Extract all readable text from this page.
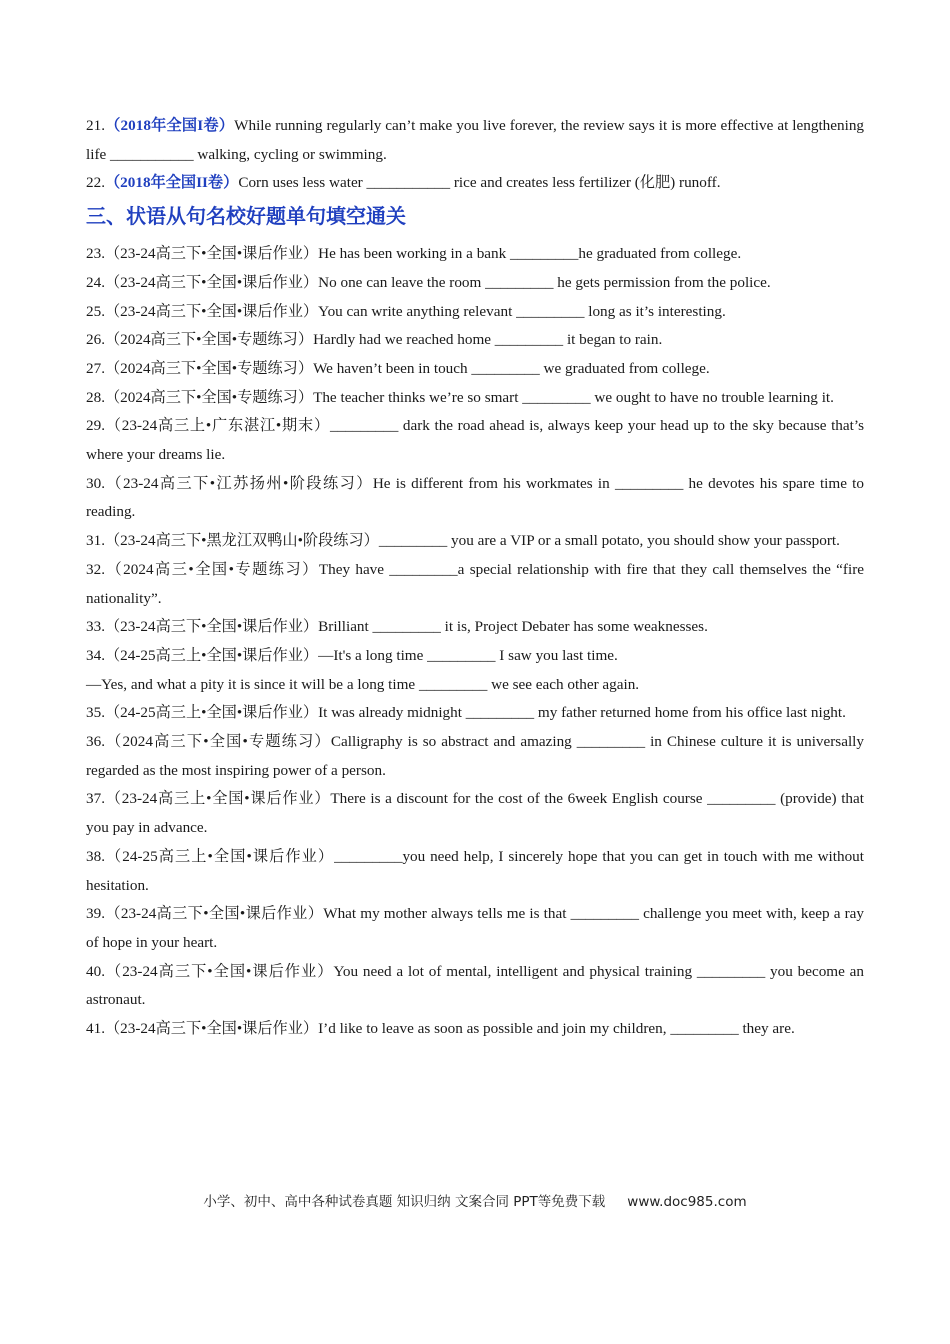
21.（2018年全国I卷）While running regularly can’t make you live forever, the review says it is more effective at lengthening life ___________ walking, cycling or swimming.

22.（2018年全国II卷）Corn uses less water ___________ rice and creates less fertilizer (化肥) runoff.

三、状语从句名校好题单句填空通关

23.（23-24高三下•全国•课后作业）He has been working in a bank _________he graduated from college.

24.（23-24高三下•全国•课后作业）No one can leave the room _________ he gets permission from the police.

25.（23-24高三下•全国•课后作业）You can write anything relevant _________ long as it’s interesting.

26.（2024高三下•全国•专题练习）Hardly had we reached home _________ it began to rain.

27.（2024高三下•全国•专题练习）We haven’t been in touch _________ we graduated from college.

28.（2024高三下•全国•专题练习）The teacher thinks we’re so smart _________ we ought to have no trouble learning it.

29.（23-24高三上•广东湛江•期末）_________ dark the road ahead is, always keep your head up to the sky because that’s where your dreams lie.

30.（23-24高三下•江苏扬州•阶段练习）He is different from his workmates in _________ he devotes his spare time to reading.

31.（23-24高三下•黑龙江双鸭山•阶段练习）_________ you are a VIP or a small potato, you should show your passport.

32.（2024高三•全国•专题练习）They have _________a special relationship with fire that they call themselves the “fire nationality”.

33.（23-24高三下•全国•课后作业）Brilliant _________ it is, Project Debater has some weaknesses.

34.（24-25高三上•全国•课后作业）—It's a long time _________ I saw you last time.

—Yes, and what a pity it is since it will be a long time _________ we see each other again.

35.（24-25高三上•全国•课后作业）It was already midnight _________ my father returned home from his office last night.

36.（2024高三下•全国•专题练习）Calligraphy is so abstract and amazing _________ in Chinese culture it is universally regarded as the most inspiring power of a person.

37.（23-24高三上•全国•课后作业）There is a discount for the cost of the 6week English course _________ (provide) that you pay in advance.

38.（24-25高三上•全国•课后作业）_________you need help, I sincerely hope that you can get in touch with me without hesitation.

39.（23-24高三下•全国•课后作业）What my mother always tells me is that _________ challenge you meet with, keep a ray of hope in your heart.

40.（23-24高三下•全国•课后作业）You need a lot of mental, intelligent and physical training _________ you become an astronaut.

41.（23-24高三下•全国•课后作业）I’d like to leave as soon as possible and join my children, _________ they are.

小学、初中、高中各种试卷真题 知识归纳 文案合同 PPT等免费下载 www.doc985.com
